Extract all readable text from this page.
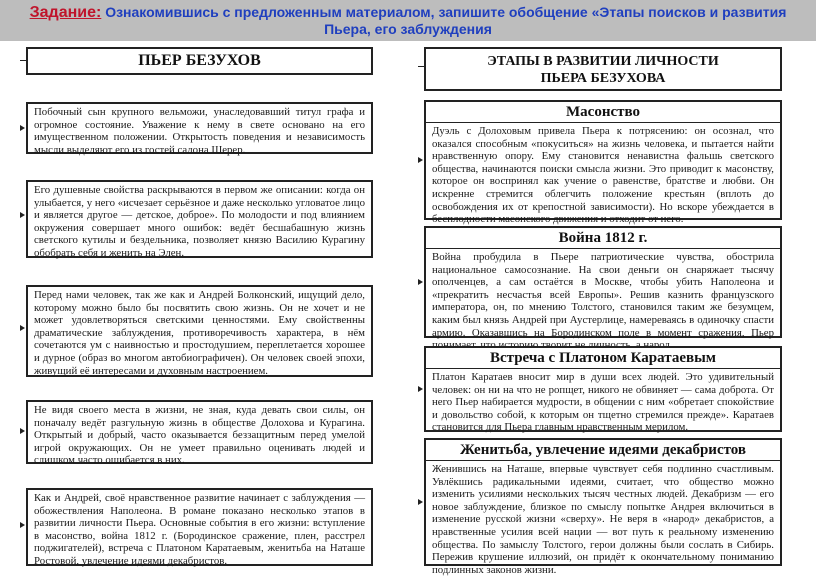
Задание: Ознакомившись с предложенным материалом, запишите обобщение «Этапы поисков и развития Пьера, его заблуждения
ПЬЕР БЕЗУХОВ
Побочный сын крупного вельможи, унаследовавший титул графа и огромное состояние. Уважение к нему в свете основано на его имущественном положении. Открытость поведения и независимость мысли выделяют его из гостей салона Шерер.
Его душевные свойства раскрываются в первом же описании: когда он улыбается, у него «исчезает серьёзное и даже несколько угловатое лицо и является другое — детское, доброе». По молодости и под влиянием окружения совершает много ошибок: ведёт бесшабашную жизнь светского кутилы и бездельника, позволяет князю Василию Курагину обобрать себя и женить на Элен.
Перед нами человек, так же как и Андрей Болконский, ищущий дело, которому можно было бы посвятить свою жизнь. Он не хочет и не может удовлетворяться светскими ценностями. Ему свойственны драматические заблуждения, противоречивость характера, в нём сочетаются ум с наивностью и простодушием, переплетается хорошее и дурное (образ во многом автобиографичен). Он человек своей эпохи, живущий её интересами и духовным настроением.
Не видя своего места в жизни, не зная, куда девать свои силы, он поначалу ведёт разгульную жизнь в обществе Долохова и Курагина. Открытый и добрый, часто оказывается беззащитным перед умелой игрой окружающих. Он не умеет правильно оценивать людей и слишком часто ошибается в них.
Как и Андрей, своё нравственное развитие начинает с заблуждения — обожествления Наполеона. В романе показано несколько этапов в развитии личности Пьера. Основные события в его жизни: вступление в масонство, война 1812 г. (Бородинское сражение, плен, расстрел поджигателей), встреча с Платоном Каратаевым, женитьба на Наташе Ростовой, увлечение идеями декабристов.
ЭТАПЫ В РАЗВИТИИ ЛИЧНОСТИ
ПЬЕРА БЕЗУХОВА
Масонство
Дуэль с Долоховым привела Пьера к потрясению: он осознал, что оказался способным «покуситься» на жизнь человека, и пытается найти нравственную опору. Ему становится ненавистна фальшь светского общества, начинаются поиски смысла жизни. Это приводит к масонству, которое он воспринял как учение о равенстве, братстве и любви. Он искренне стремится облегчить положение крестьян (вплоть до освобождения их от крепостной зависимости). Но вскоре убеждается в бесплодности масонского движения и отходит от него.
Война 1812 г.
Война пробудила в Пьере патриотические чувства, обострила национальное самосознание. На свои деньги он снаряжает тысячу ополченцев, а сам остаётся в Москве, чтобы убить Наполеона и «прекратить несчастья всей Европы». Решив казнить французского императора, он, по мнению Толстого, становился таким же безумцем, каким был князь Андрей при Аустерлице, намереваясь в одиночку спасти армию. Оказавшись на Бородинском поле в момент сражения, Пьер
Встреча с Платоном Каратаевым
Платон Каратаев вносит мир в души всех людей. Это удивительный человек: он ни на что не ропщет, никого не обвиняет — сама доброта. От него Пьер набирается мудрости, в общении с ним «обретает спокойствие и довольство собой, к которым он тщетно стремился прежде». Каратаев становится для Пьера главным нравственным мерилом.
Женитьба, увлечение идеями декабристов
Женившись на Наташе, впервые чувствует себя подлинно счастливым. Увлёкшись радикальными идеями, считает, что общество можно изменить усилиями нескольких тысяч честных людей. Декабризм — его новое заблуждение, близкое по смыслу попытке Андрея включиться в изменение русской жизни «сверху». Не веря в «народ» декабристов, а нравственные усилия всей нации — вот путь к реальному изменению общества. По замыслу Толстого, герои должны были сослать в Сибирь. Пережив крушение иллюзий, он придёт к окончательному пониманию подлинных законов жизни.
